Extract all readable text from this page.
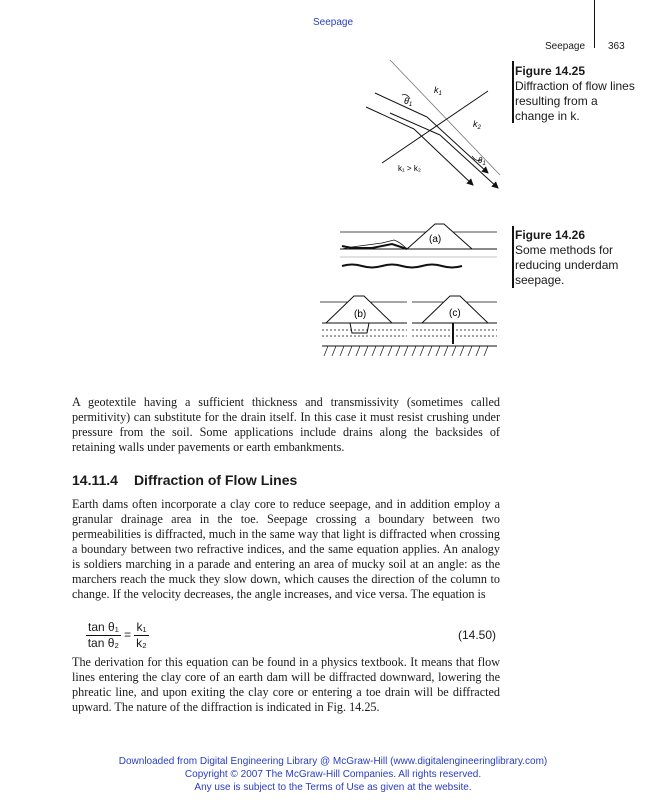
Seepage
Seepage 363
$\theta_1$
$k_1$
$k_2$
$\theta_1$
k₁ > k₂
Figure 14.25
Diffraction of flow lines resulting from a change in k.
(a)
(b)	(c)
Figure 14.26
Some methods for reducing underdam seepage.
A geotextile having a sufficient thickness and transmissivity (sometimes called permitivity) can substitute for the drain itself. In this case it must resist crushing under pressure from the soil. Some applications include drains along the backsides of retaining walls under pavements or earth embankments.
14.11.4 Diffraction of Flow Lines
Earth dams often incorporate a clay core to reduce seepage, and in addition employ a granular drainage area in the toe. Seepage crossing a boundary between two permeabilities is diffracted, much in the same way that light is diffracted when crossing a boundary between two refractive indices, and the same equation applies. An analogy is soldiers marching in a parade and entering an area of mucky soil at an angle: as the marchers reach the muck they slow down, which causes the direction of the column to change. If the velocity decreases, the angle increases, and vice versa. The equation is
$\frac{\text{tan θ₁}}{\text{tan θ₂}} = \frac{\text{k₁}}{\text{k₂}}$	(14.50)
The derivation for this equation can be found in a physics textbook. It means that flow lines entering the clay core of an earth dam will be diffracted downward, lowering the phreatic line, and upon exiting the clay core or entering a toe drain will be diffracted upward. The nature of the diffraction is indicated in Fig. 14.25.
Downloaded from Digital Engineering Library @ McGraw-Hill (www.digitalengineeringlibrary.com)
Copyright © 2007 The McGraw-Hill Companies. All rights reserved.
Any use is subject to the Terms of Use as given at the website.
